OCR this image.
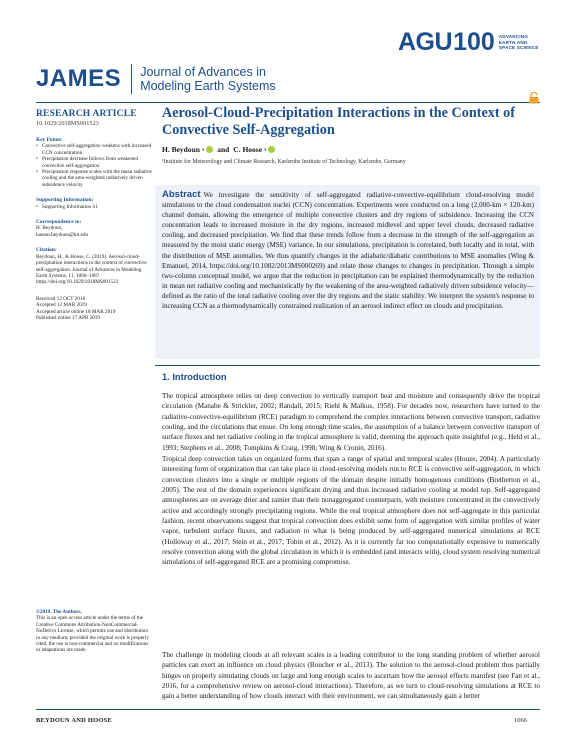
AGU 100 ADVANCING
EARTH AND
SPACE SCIENCE
JAMES Journal of Advances in
Modeling Earth Systems
RESEARCH ARTICLE
10.1029/2018MS001523
Key Points:
• Convective self-aggregation weakens with increased CCN concentration
• Precipitation decrease follows from weakened convective self-aggregation
• Precipitation response scales with the mean radiative cooling and the area-weighted radiatively driven subsidence velocity
Supporting Information:
• Supporting Information S1
Correspondence to:
H. Beydoun,
hassan.beydoun@kit.edu
Citation:
Beydoun, H., & Hoose, C. (2019). Aerosol-cloud-precipitation interactions in the context of convective self-aggregation. Journal of Advances in Modeling Earth Systems, 11, 1066–1087. https://doi.org/10.1029/2018MS001523
Received 12 OCT 2018
Accepted 12 MAR 2019
Accepted article online 18 MAR 2019
Published online 17 APR 2019
©2019. The Authors.
This is an open access article under the terms of the Creative Commons Attribution-NonCommercial-NoDerivs License, which permits use and distribution in any medium, provided the original work is properly cited, the use is non-commercial and no modifications or adaptations are made.
Aerosol-Cloud-Precipitation Interactions in the Context of Convective Self-Aggregation
H. Beydoun 1 and C. Hoose 1
¹Institute for Meteorology and Climate Research, Karlsruhe Institute of Technology, Karlsruhe, Germany
Abstract We investigate the sensitivity of self-aggregated radiative-convective-equilibrium cloud-resolving model simulations to the cloud condensation nuclei (CCN) concentration. Experiments were conducted on a long (2,000-km × 120-km) channel domain, allowing the emergence of multiple convective clusters and dry regions of subsidence. Increasing the CCN concentration leads to increased moisture in the dry regions, increased midlevel and upper level clouds, decreased radiative cooling, and decreased precipitation. We find that these trends follow from a decrease in the strength of the self-aggregation as measured by the moist static energy (MSE) variance. In our simulations, precipitation is correlated, both locally and in total, with the distribution of MSE anomalies. We thus quantify changes in the adiabatic/diabatic contributions to MSE anomalies (Wing & Emanuel, 2014, https://doi.org/10.1002/2013MS000269) and relate those changes to changes in precipitation. Through a simple two-column conceptual model, we argue that the reduction in precipitation can be explained thermodynamically by the reduction in mean net radiative cooling and mechanistically by the weakening of the area-weighted radiatively driven subsidence velocity—defined as the ratio of the total radiative cooling over the dry regions and the static stability. We interpret the system's response to increasing CCN as a thermodynamically constrained realization of an aerosol indirect effect on clouds and precipitation.
1. Introduction

The tropical atmosphere relies on deep convection to vertically transport heat and moisture and consequently drive the tropical circulation (Manabe & Strickler, 2002; Randall, 2015; Riehl & Malkus, 1958). For decades now, researchers have turned to the radiative-convective-equilibrium (RCE) paradigm to comprehend the complex interactions between convective transport, radiative cooling, and the circulations that ensue. On long enough time scales, the assumption of a balance between convective transport of surface fluxes and net radiative cooling in the tropical atmosphere is valid, deeming the approach quite insightful (e.g., Held et al., 1993; Stephens et al., 2008; Tompkins & Craig, 1998; Wing & Cronin, 2016).

Tropical deep convection takes on organized forms that span a range of spatial and temporal scales (Houze, 2004). A particularly interesting form of organization that can take place in cloud-resolving models run to RCE is convective self-aggregation, in which convection clusters into a single or multiple regions of the domain despite initially homogenous conditions (Bretherton et al., 2005). The rest of the domain experiences significant drying and thus increased radiative cooling at model top. Self-aggregated atmospheres are on average drier and rainier than their nonaggregated counterparts, with moisture concentrated in the convectively active and accordingly strongly precipitating regions. While the real tropical atmosphere does not self-aggregate in this particular fashion, recent observations suggest that tropical convection does exhibit some form of aggregation with similar profiles of water vapor, turbulent surface fluxes, and radiation to what is being produced by self-aggregated numerical simulations at RCE (Holloway et al., 2017; Stein et al., 2017; Tobin et al., 2012). As it is currently far too computationally expensive to numerically resolve convection along with the global circulation in which it is embedded (and interacts with), cloud system resolving numerical simulations of self-aggregated RCE are a promising compromise.

The challenge in modeling clouds at all relevant scales is a leading contributor to the long standing problem of whether aerosol particles can exert an influence on cloud physics (Boucher et al., 2013). The solution to the aerosol-cloud problem thus partially hinges on properly simulating clouds on large and long enough scales to ascertain how the aerosol effects manifest (see Fan et al., 2016, for a comprehensive review on aerosol-cloud interactions). Therefore, as we turn to cloud-resolving simulations at RCE to gain a better understanding of how clouds interact with their environment, we can simultaneously gain a better

BEYDOUN AND HOOSE	1066
